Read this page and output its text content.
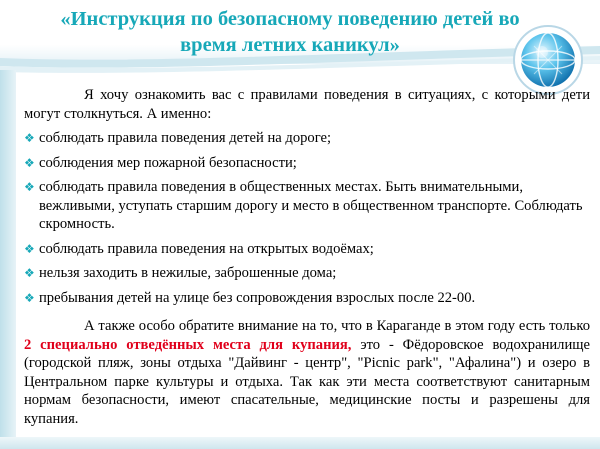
«Инструкция по безопасному поведению детей во время летних каникул»

Я хочу ознакомить вас с правилами поведения в ситуациях, с которыми дети могут столкнуться. А именно:

❖ соблюдать правила поведения детей на дороге;
❖ соблюдения мер пожарной безопасности;
❖ соблюдать правила поведения в общественных местах. Быть внимательными, вежливыми, уступать старшим дорогу и место в общественном транспорте. Соблюдать скромность.
❖ соблюдать правила поведения на открытых водоёмах;
❖ нельзя заходить в нежилые, заброшенные дома;
❖ пребывания детей на улице без сопровождения взрослых после 22-00.

А также особо обратите внимание на то, что в Караганде в этом году есть только 2 специально отведённых места для купания, это - Фёдоровское водохранилище (городской пляж, зоны отдыха "Дайвинг - центр", "Picnic park", "Афалина") и озеро в Центральном парке культуры и отдыха. Так как эти места соответствуют санитарным нормам безопасности, имеют спасательные, медицинские посты и разрешены для купания.
